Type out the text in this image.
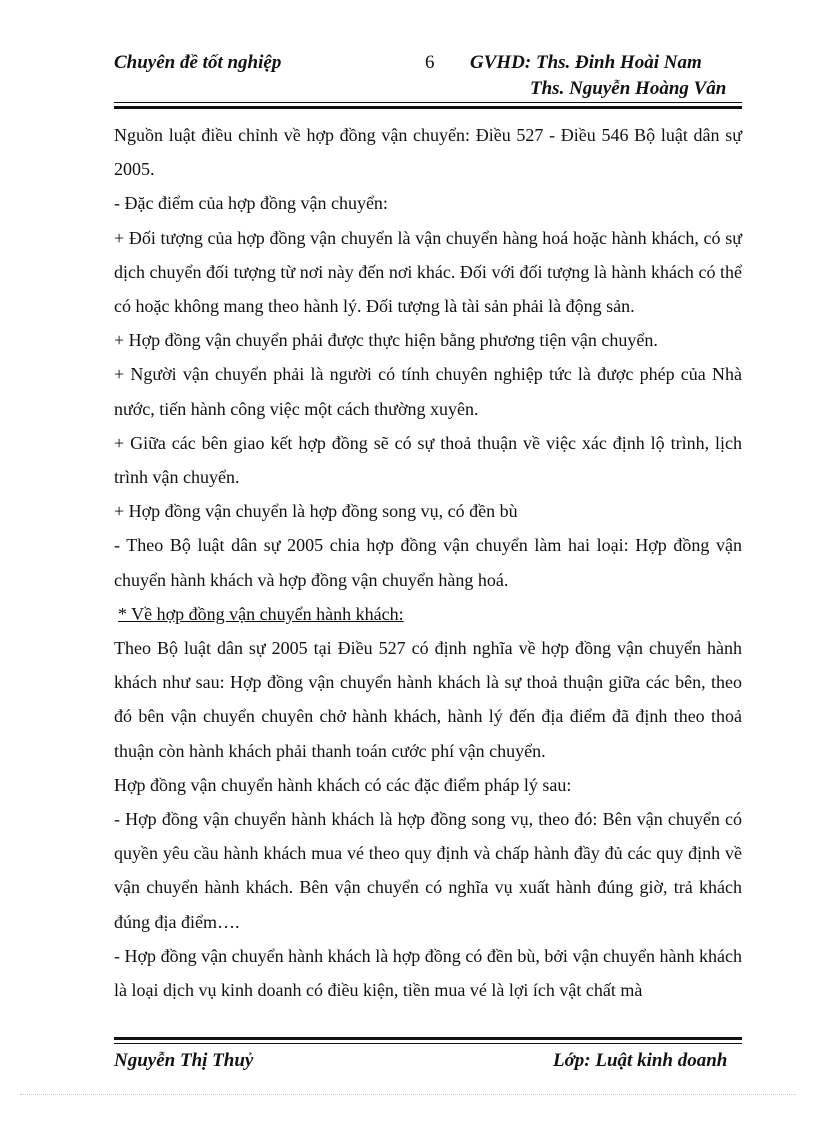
Chuyên đề tốt nghiệp	6 GVHD: Ths. Đinh Hoài Nam
Ths. Nguyễn Hoàng Vân

Nguồn luật điều chỉnh về hợp đồng vận chuyển: Điều 527 - Điều 546 Bộ luật dân sự 2005.

- Đặc điểm của hợp đồng vận chuyển:

+ Đối tượng của hợp đồng vận chuyển là vận chuyển hàng hoá hoặc hành khách, có sự dịch chuyển đối tượng từ nơi này đến nơi khác. Đối với đối tượng là hành khách có thể có hoặc không mang theo hành lý. Đối tượng là tài sản phải là động sản.

+ Hợp đồng vận chuyển phải được thực hiện bằng phương tiện vận chuyển.

+ Người vận chuyển phải là người có tính chuyên nghiệp tức là được phép của Nhà nước, tiến hành công việc một cách thường xuyên.

+ Giữa các bên giao kết hợp đồng sẽ có sự thoả thuận về việc xác định lộ trình, lịch trình vận chuyển.

+ Hợp đồng vận chuyển là hợp đồng song vụ, có đền bù

- Theo Bộ luật dân sự 2005 chia hợp đồng vận chuyển làm hai loại: Hợp đồng vận chuyển hành khách và hợp đồng vận chuyển hàng hoá.

* Về hợp đồng vận chuyển hành khách:

Theo Bộ luật dân sự 2005 tại Điều 527 có định nghĩa về hợp đồng vận chuyển hành khách như sau: Hợp đồng vận chuyển hành khách là sự thoả thuận giữa các bên, theo đó bên vận chuyển chuyên chở hành khách, hành lý đến địa điểm đã định theo thoả thuận còn hành khách phải thanh toán cước phí vận chuyển.

Hợp đồng vận chuyển hành khách có các đặc điểm pháp lý sau:

- Hợp đồng vận chuyển hành khách là hợp đồng song vụ, theo đó: Bên vận chuyển có quyền yêu cầu hành khách mua vé theo quy định và chấp hành đầy đủ các quy định về vận chuyển hành khách. Bên vận chuyển có nghĩa vụ xuất hành đúng giờ, trả khách đúng địa điểm….

- Hợp đồng vận chuyển hành khách là hợp đồng có đền bù, bởi vận chuyển hành khách là loại dịch vụ kinh doanh có điều kiện, tiền mua vé là lợi ích vật chất mà

Nguyễn Thị Thuỷ	Lớp: Luật kinh doanh
